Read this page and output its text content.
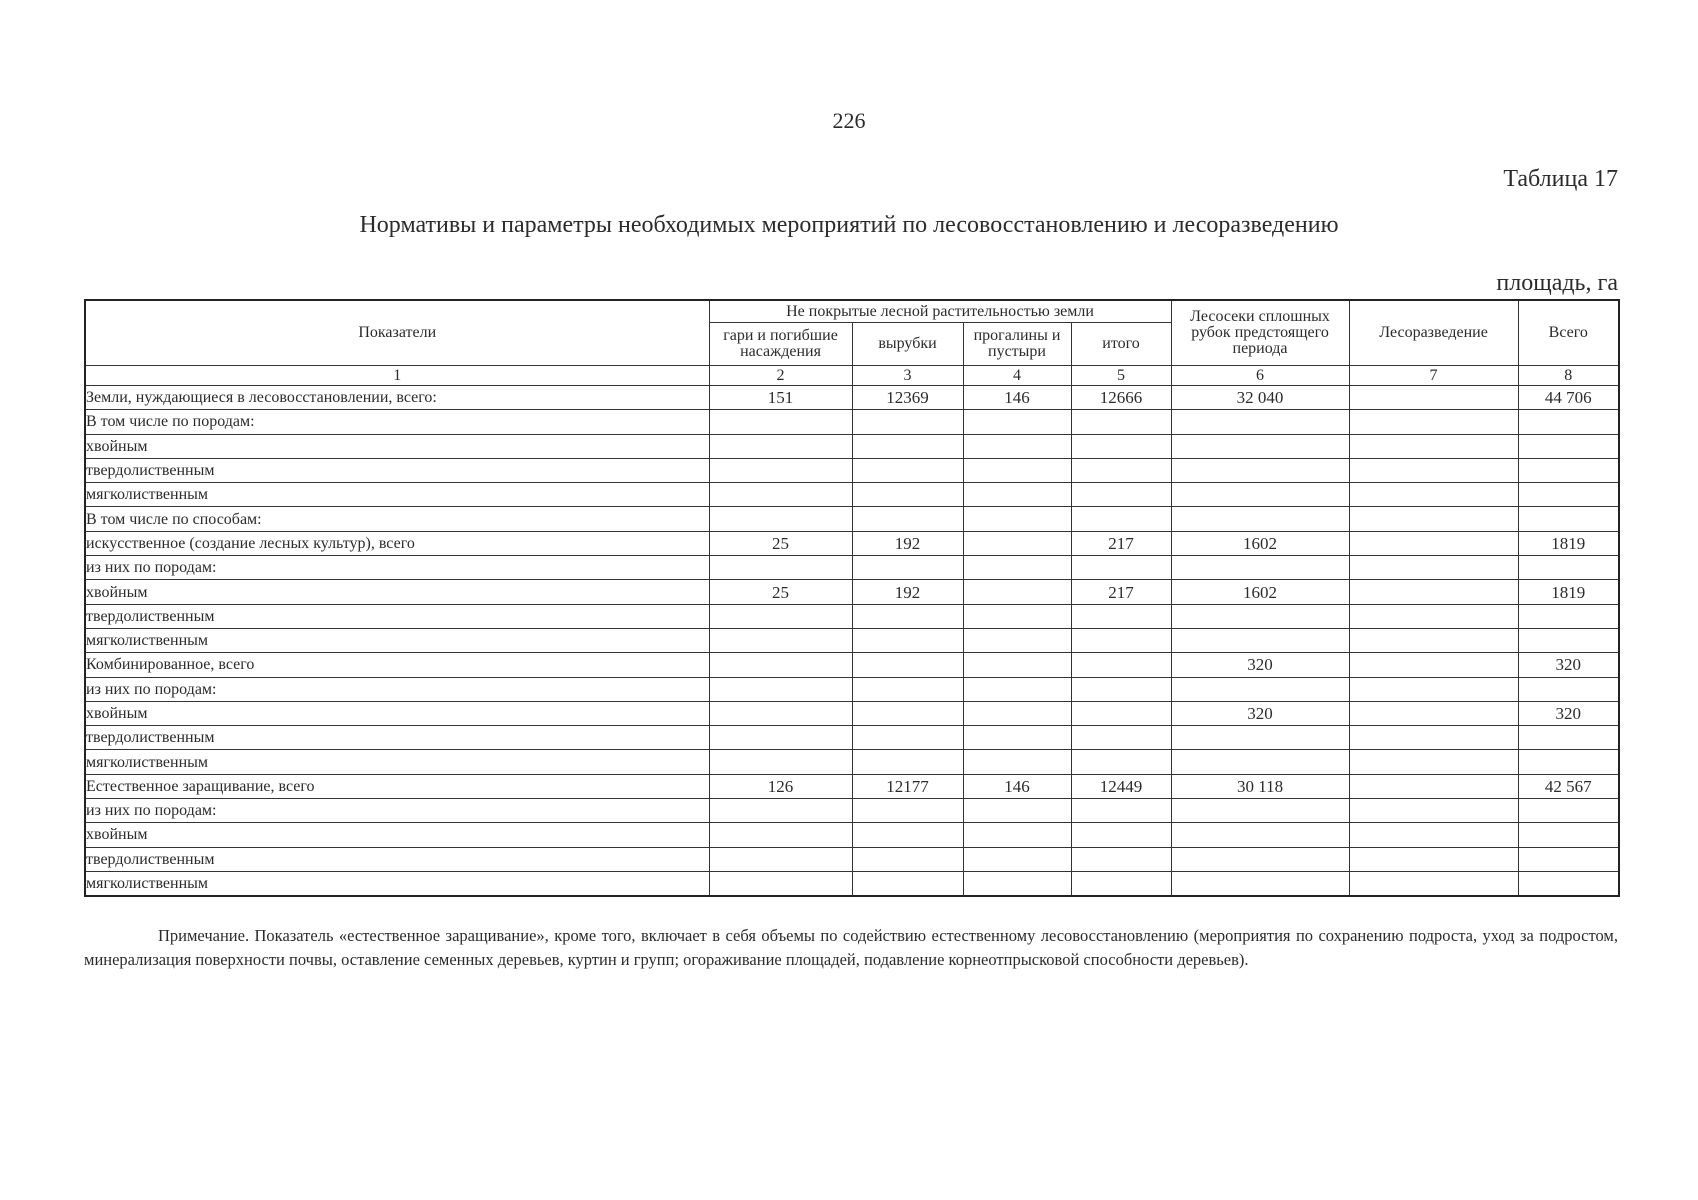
226
Таблица 17
Нормативы и параметры необходимых мероприятий по лесовосстановлению и лесоразведению
площадь, га
Показатели	Не покрытые лесной растительностью земли				Лесосеки сплошных рубок предстоящего периода	Лесоразведение	Всего
	гари и погибшие насаждения	вырубки	прогалины и пустыри	итого			
1	2	3	4	5	6	7	8
Земли, нуждающиеся в лесовосстановлении, всего:	151	12369	146	12666	32 040		44 706
В том числе по породам:							
хвойным							
твердолиственным							
мягколиственным							
В том числе по способам:							
искусственное (создание лесных культур), всего	25	192		217	1602		1819
из них по породам:							
хвойным	25	192		217	1602		1819
твердолиственным							
мягколиственным							
Комбинированное, всего					320		320
из них по породам:							
хвойным					320		320
твердолиственным							
мягколиственным							
Естественное заращивание, всего	126	12177	146	12449	30 118		42 567
из них по породам:							
хвойным							
твердолиственным							
мягколиственным							
Примечание. Показатель «естественное заращивание», кроме того, включает в себя объемы по содействию естественному лесовосстановлению (мероприятия по сохранению подроста, уход за подростом, минерализация поверхности почвы, оставление семенных деревьев, куртин и групп; огораживание площадей, подавление корнеотпрысковой способности деревьев).
